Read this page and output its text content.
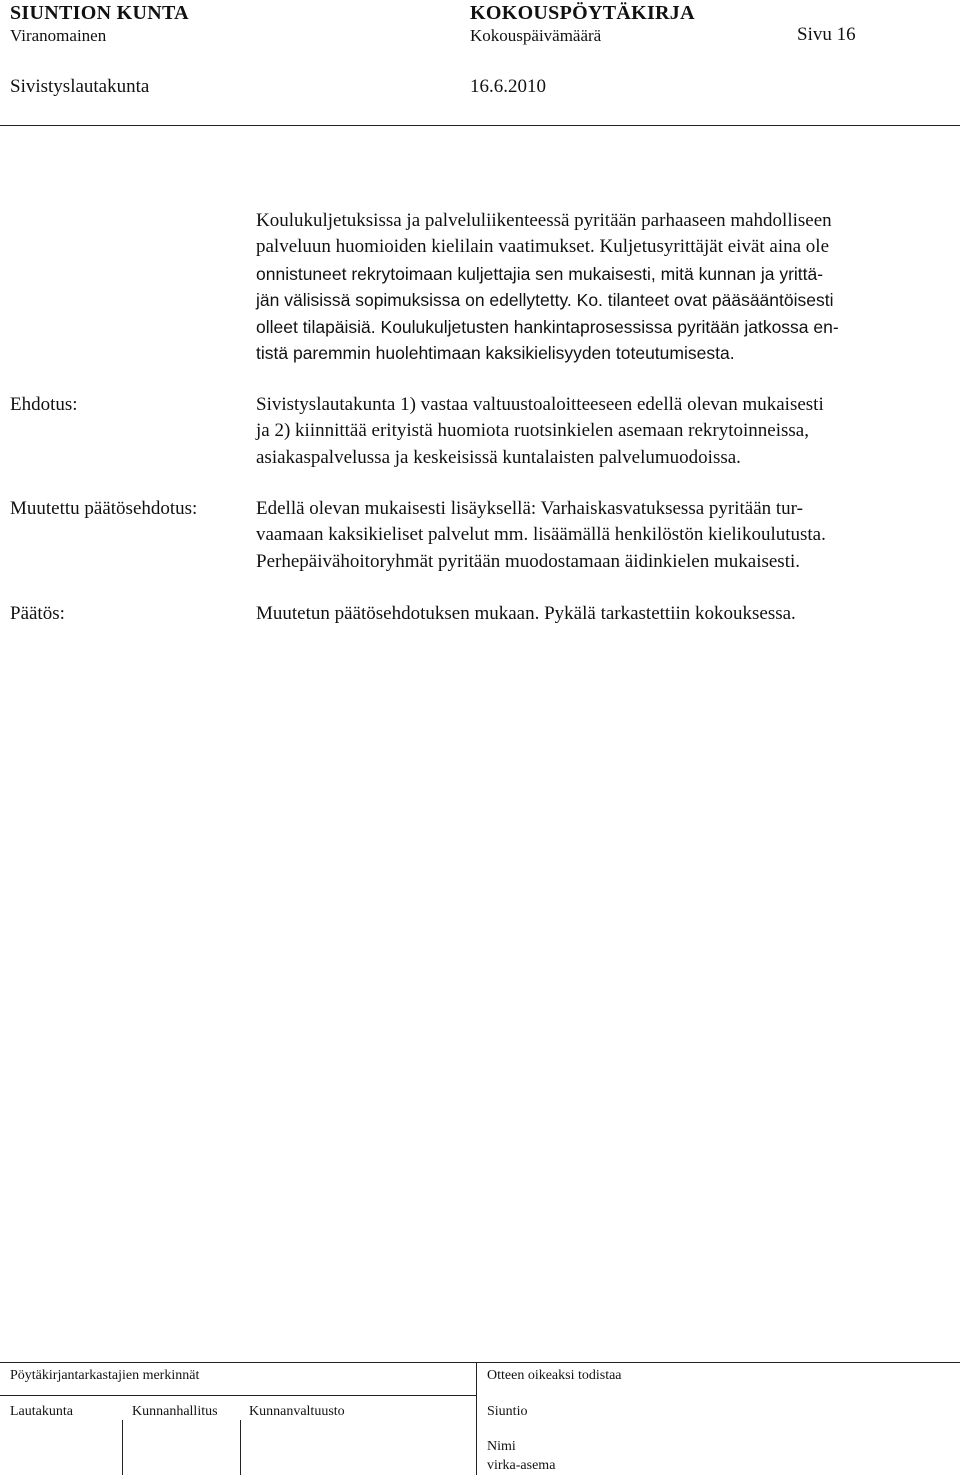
SIUNTION KUNTA	KOKOUSPÖYTÄKIRJA
Viranomainen	Kokouspäivämäärä	Sivu 16
Sivistyslautakunta	16.6.2010
Koulukuljetuksissa ja palveluliikenteessä pyritään parhaaseen mahdolliseen
palveluun huomioiden kielilain vaatimukset. Kuljetusyrittäjät eivät aina ole
onnistuneet rekrytoimaan kuljettajia sen mukaisesti, mitä kunnan ja yrittä-
jän välisissä sopimuksissa on edellytetty. Ko. tilanteet ovat pääsääntöisesti
olleet tilapäisiä. Koulukuljetusten hankintaprosessissa pyritään jatkossa en-
tistä paremmin huolehtimaan kaksikielisyyden toteutumisesta.
Ehdotus:	Sivistyslautakunta 1) vastaa valtuustoaloitteeseen edellä olevan mukaisesti
ja 2) kiinnittää erityistä huomiota ruotsinkielen asemaan rekrytoinneissa,
asiakaspalvelussa ja keskeisissä kuntalaisten palvelumuodoissa.
Muutettu päätösehdotus:	Edellä olevan mukaisesti lisäyksellä: Varhaiskasvatuksessa pyritään tur-
vaamaan kaksikieliset palvelut mm. lisäämällä henkilöstön kielikoulutusta.
Perhepäivähoitoryhmät pyritään muodostamaan äidinkielen mukaisesti.
Päätös:	Muutetun päätösehdotuksen mukaan. Pykälä tarkastettiin kokouksessa.
Pöytäkirjantarkastajien merkinnät	Otteen oikeaksi todistaa
Lautakunta	Kunnanhallitus Kunnanvaltuusto	Siuntio
Nimi
virka-asema
